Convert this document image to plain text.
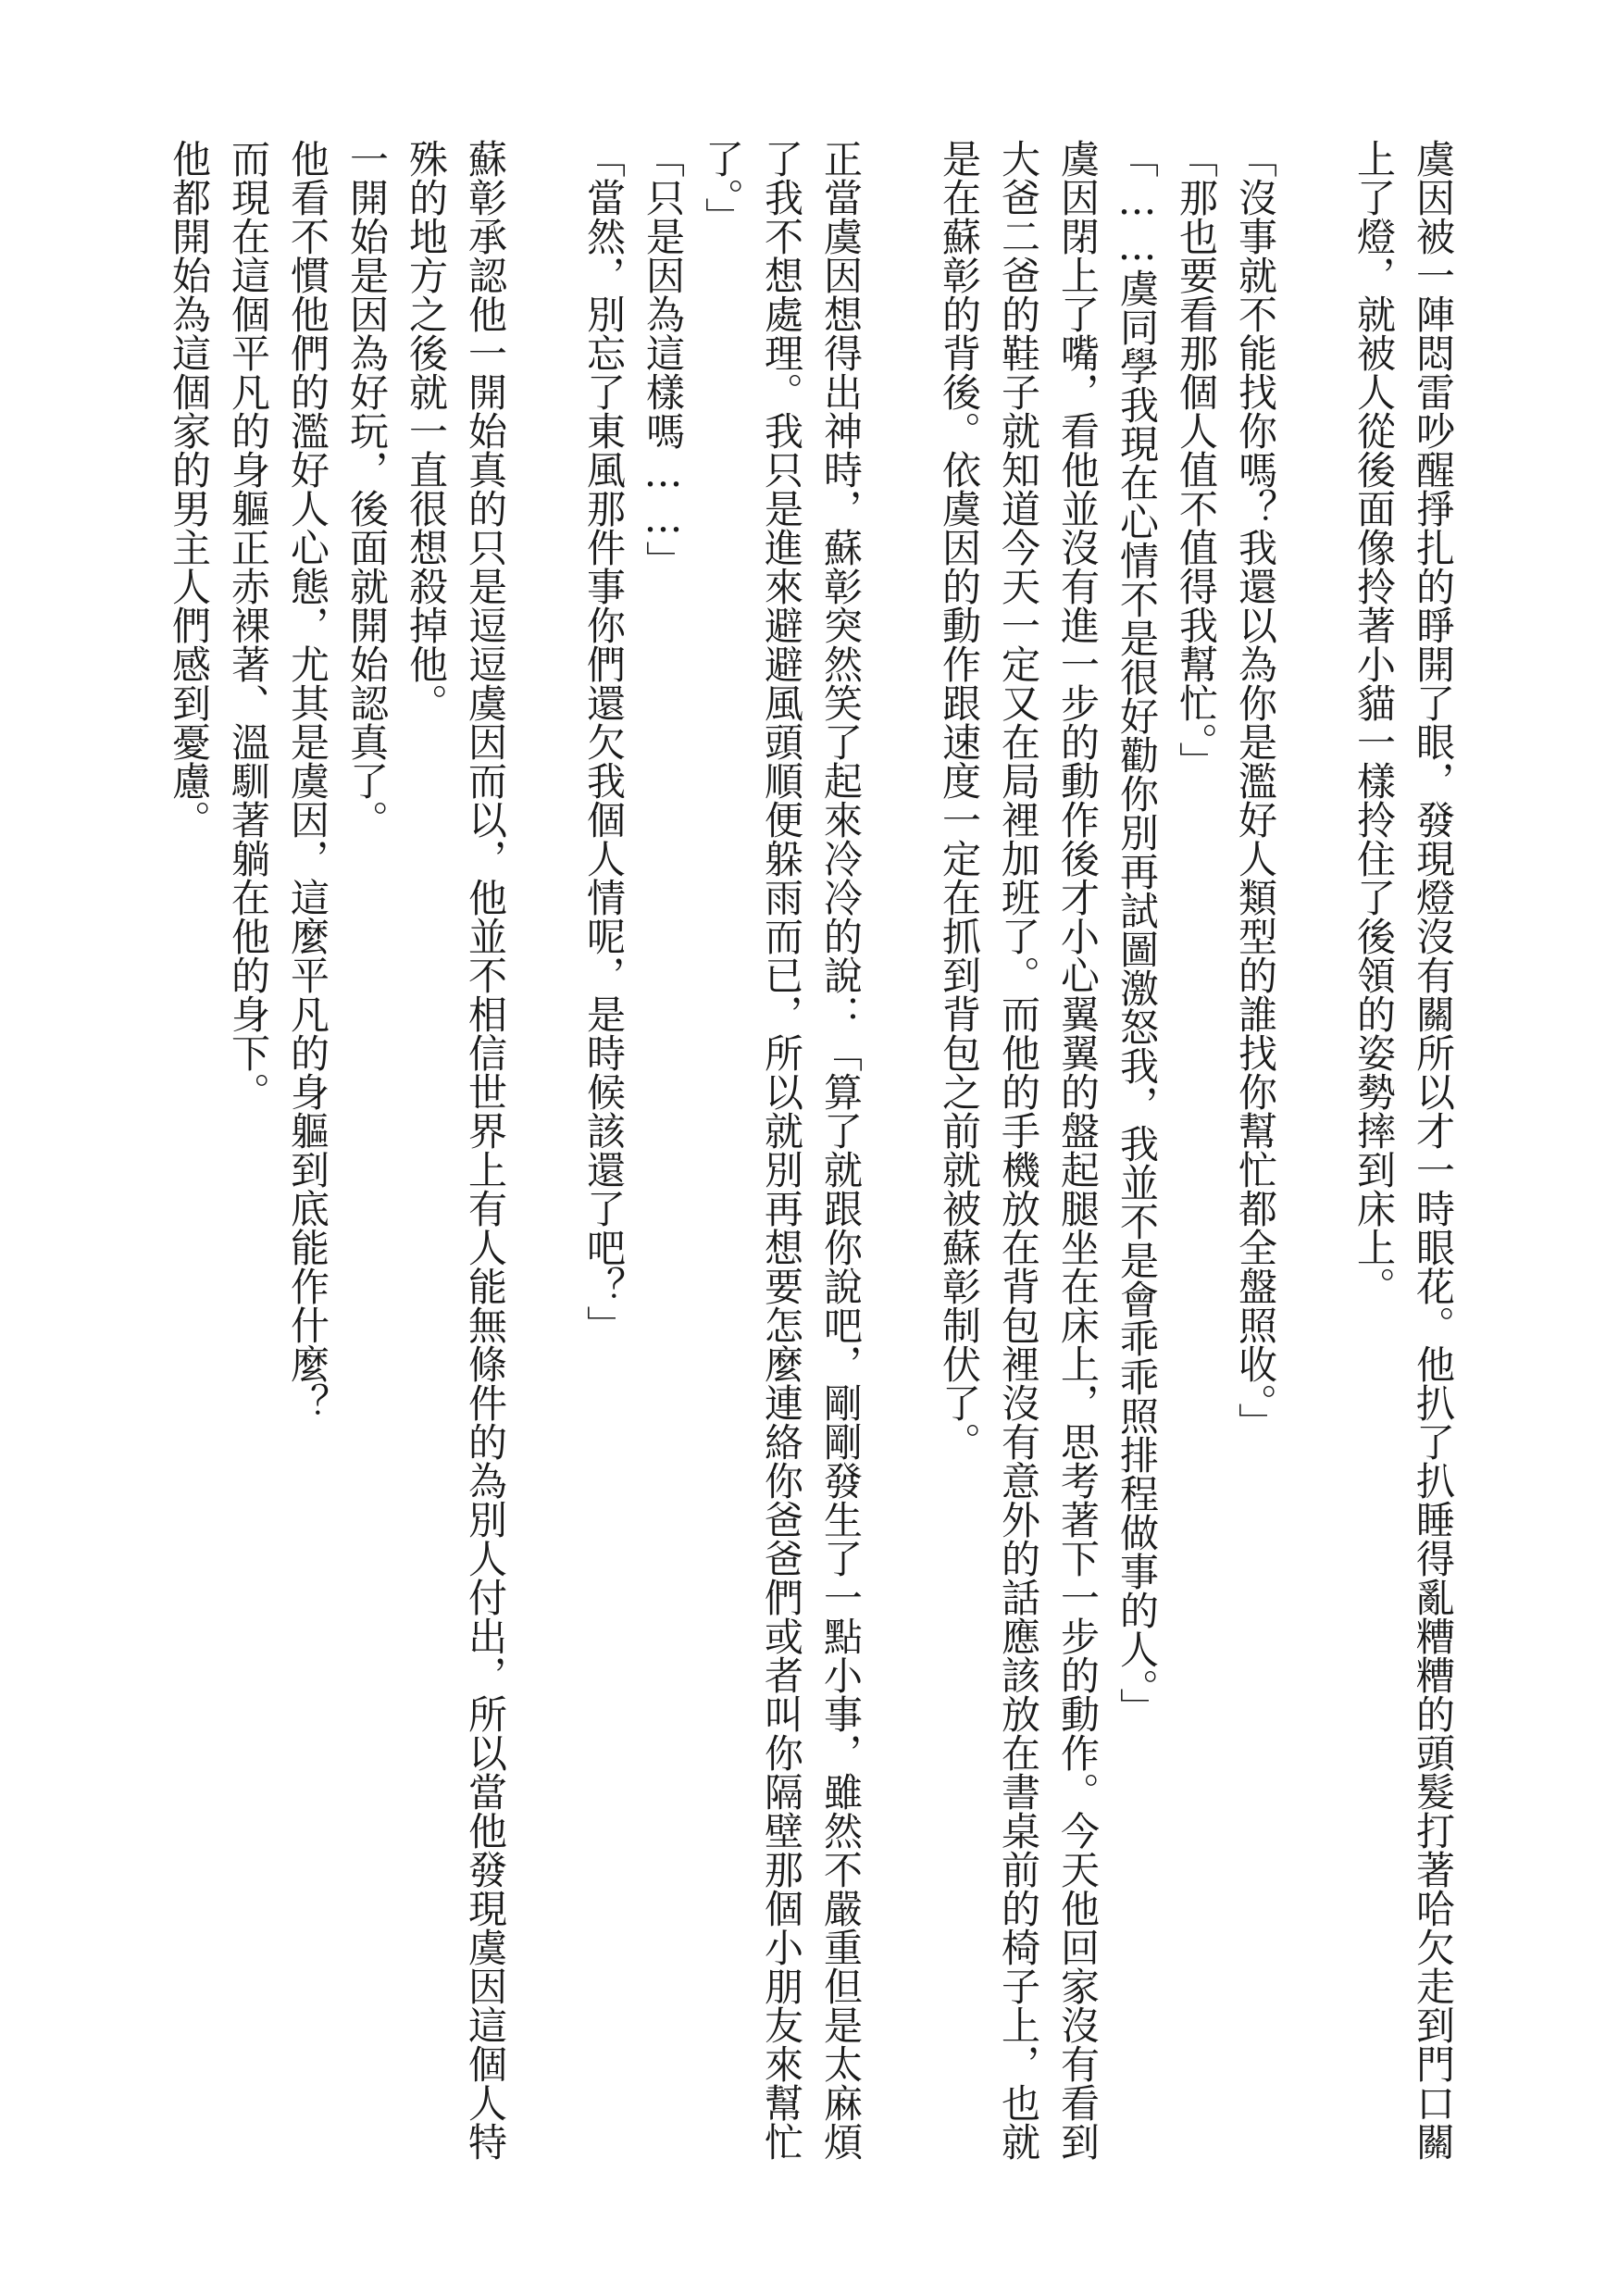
虞因被一陣悶雷吵醒掙扎的睜開了眼，發現燈沒有關所以才一時眼花。他扒了扒睡得亂糟糟的頭髮打著哈欠走到門口關上了燈，就被人從後面像拎著小貓一樣拎住了後領的姿勢摔到床上。

「沒事就不能找你嗎？我還以為你是濫好人類型的誰找你幫忙都全盤照收。」

「那也要看那個人值不值得我幫忙。」

「……虞同學我現在心情不是很好勸你別再試圖激怒我，我並不是會乖乖照排程做事的人。」

虞因閉上了嘴，看他並沒有進一步的動作後才小心翼翼的盤起腿坐在床上，思考著下一步的動作。今天他回家沒有看到大爸二爸的鞋子就知道今天一定又在局裡加班了。而他的手機放在背包裡沒有意外的話應該放在書桌前的椅子上，也就是在蘇彰的背後。依虞因的動作跟速度一定在抓到背包之前就被蘇彰制伏了。

正當虞因想得出神時，蘇彰突然笑了起來冷冷的說：「算了就跟你說吧，剛剛發生了一點小事，雖然不嚴重但是太麻煩了我不想處理。我只是進來避避風頭順便躲雨而已，所以就別再想要怎麼連絡你爸爸們或者叫你隔壁那個小朋友來幫忙了。」

「只是因為這樣嗎……」

「當然，別忘了東風那件事你們還欠我個人情呢，是時候該還了吧？」

蘇彰承認他一開始真的只是逗逗虞因而以，他並不相信世界上有人能無條件的為別人付出，所以當他發現虞因這個人特殊的地方之後就一直很想殺掉他。

一開始是因為好玩，後面就開始認真了。

他看不慣他們的濫好人心態，尤其是虞因，這麼平凡的身軀到底能作什麼？

而現在這個平凡的身軀正赤裸著、溫馴著躺在他的身下。

他都開始為這個家的男主人們感到憂慮。
